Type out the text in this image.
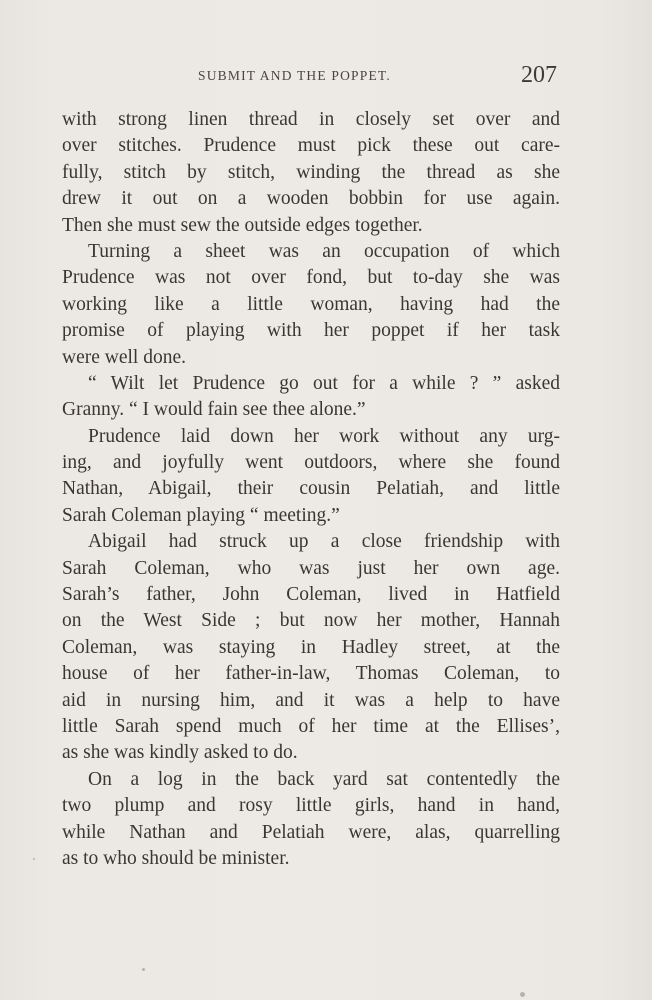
SUBMIT AND THE POPPET.	207
with strong linen thread in closely set over and
over stitches. Prudence must pick these out care-
fully, stitch by stitch, winding the thread as she
drew it out on a wooden bobbin for use again.
Then she must sew the outside edges together.
Turning a sheet was an occupation of which
Prudence was not over fond, but to-day she was
working like a little woman, having had the
promise of playing with her poppet if her task
were well done.
“ Wilt let Prudence go out for a while ? ” asked
Granny. “ I would fain see thee alone.”
Prudence laid down her work without any urg-
ing, and joyfully went outdoors, where she found
Nathan, Abigail, their cousin Pelatiah, and little
Sarah Coleman playing “ meeting.”
Abigail had struck up a close friendship with
Sarah Coleman, who was just her own age.
Sarah’s father, John Coleman, lived in Hatfield
on the West Side ; but now her mother, Hannah
Coleman, was staying in Hadley street, at the
house of her father-in-law, Thomas Coleman, to
aid in nursing him, and it was a help to have
little Sarah spend much of her time at the Ellises’,
as she was kindly asked to do.
On a log in the back yard sat contentedly the
two plump and rosy little girls, hand in hand,
while Nathan and Pelatiah were, alas, quarrelling
as to who should be minister.
